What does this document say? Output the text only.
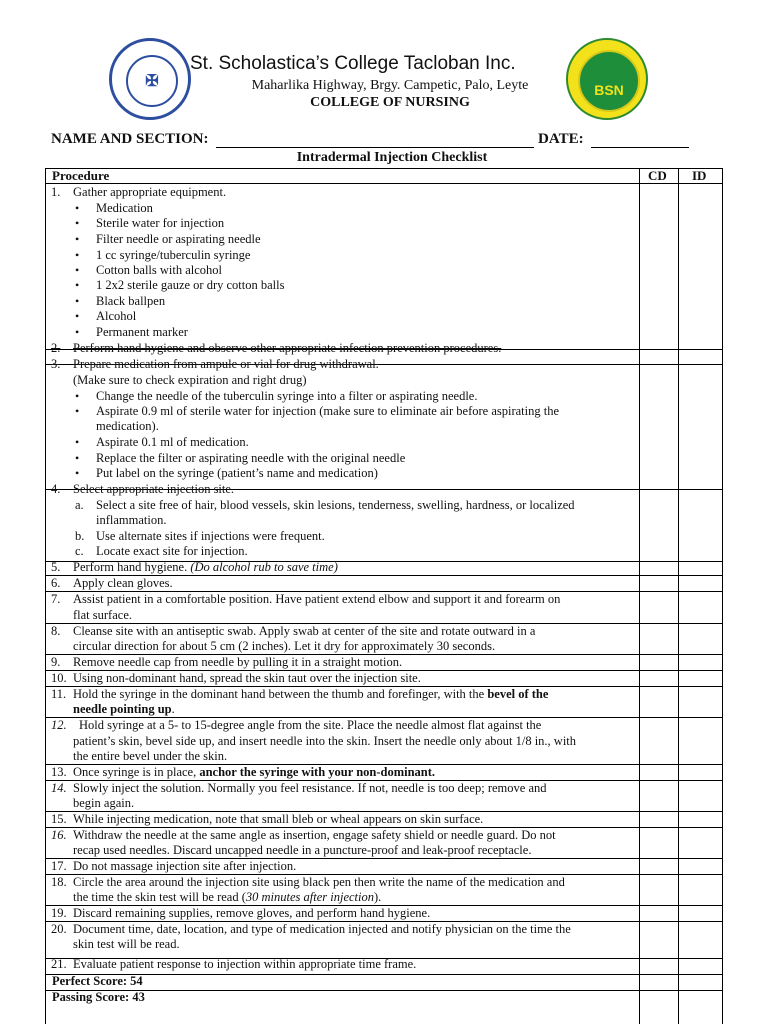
✠	BSN
St. Scholastica’s College Tacloban Inc.
Maharlika Highway, Brgy. Campetic, Palo, Leyte
COLLEGE OF NURSING
NAME AND SECTION:	DATE:
Intradermal Injection Checklist
Procedure	CD ID
1. Gather appropriate equipment.
• Medication
• Sterile water for injection
• Filter needle or aspirating needle
• 1 cc syringe/tuberculin syringe
• Cotton balls with alcohol
• 1 2x2 sterile gauze or dry cotton balls
• Black ballpen
• Alcohol
• Permanent marker
2. Perform hand hygiene and observe other appropriate infection prevention procedures.
3. Prepare medication from ampule or vial for drug withdrawal.
(Make sure to check expiration and right drug)
• Change the needle of the tuberculin syringe into a filter or aspirating needle.
• Aspirate 0.9 ml of sterile water for injection (make sure to eliminate air before aspirating the
medication).
• Aspirate 0.1 ml of medication.
• Replace the filter or aspirating needle with the original needle
• Put label on the syringe (patient’s name and medication)
4. Select appropriate injection site.
a. Select a site free of hair, blood vessels, skin lesions, tenderness, swelling, hardness, or localized
inflammation.
b. Use alternate sites if injections were frequent.
c. Locate exact site for injection.
5. Perform hand hygiene. (Do alcohol rub to save time)
6. Apply clean gloves.
7. Assist patient in a comfortable position. Have patient extend elbow and support it and forearm on
flat surface.
8. Cleanse site with an antiseptic swab. Apply swab at center of the site and rotate outward in a
circular direction for about 5 cm (2 inches). Let it dry for approximately 30 seconds.
9. Remove needle cap from needle by pulling it in a straight motion.
10. Using non-dominant hand, spread the skin taut over the injection site.
11. Hold the syringe in the dominant hand between the thumb and forefinger, with the bevel of the
needle pointing up.
12. Hold syringe at a 5- to 15-degree angle from the site. Place the needle almost flat against the
patient’s skin, bevel side up, and insert needle into the skin. Insert the needle only about 1/8 in., with
the entire bevel under the skin.
13. Once syringe is in place, anchor the syringe with your non-dominant.
14. Slowly inject the solution. Normally you feel resistance. If not, needle is too deep; remove and
begin again.
15. While injecting medication, note that small bleb or wheal appears on skin surface.
16. Withdraw the needle at the same angle as insertion, engage safety shield or needle guard. Do not
recap used needles. Discard uncapped needle in a puncture-proof and leak-proof receptacle.
17. Do not massage injection site after injection.
18. Circle the area around the injection site using black pen then write the name of the medication and
the time the skin test will be read (30 minutes after injection).
19. Discard remaining supplies, remove gloves, and perform hand hygiene.
20. Document time, date, location, and type of medication injected and notify physician on the time the
skin test will be read.
21. Evaluate patient response to injection within appropriate time frame.
Perfect Score: 54
Passing Score: 43
